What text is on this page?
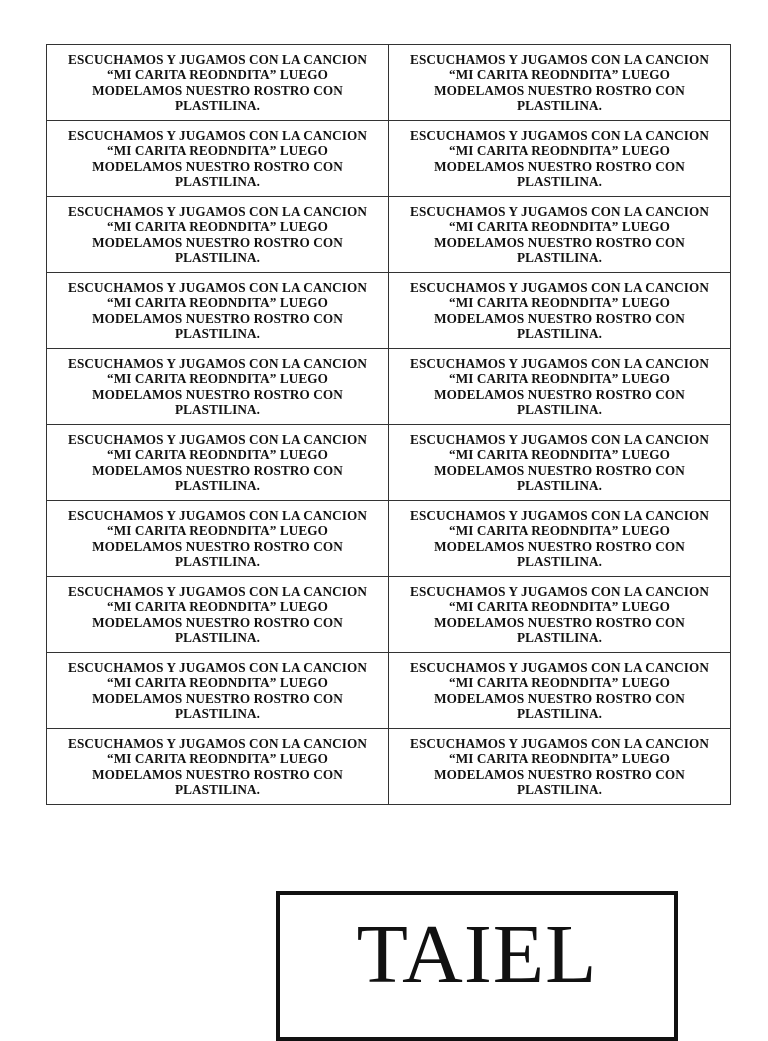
ESCUCHAMOS Y JUGAMOS CON LA CANCION
“MI CARITA REODNDITA” LUEGO
MODELAMOS NUESTRO ROSTRO CON
PLASTILINA.	ESCUCHAMOS Y JUGAMOS CON LA CANCION
“MI CARITA REODNDITA” LUEGO
MODELAMOS NUESTRO ROSTRO CON
PLASTILINA.

ESCUCHAMOS Y JUGAMOS CON LA CANCION
“MI CARITA REODNDITA” LUEGO
MODELAMOS NUESTRO ROSTRO CON
PLASTILINA.	ESCUCHAMOS Y JUGAMOS CON LA CANCION
“MI CARITA REODNDITA” LUEGO
MODELAMOS NUESTRO ROSTRO CON
PLASTILINA.

ESCUCHAMOS Y JUGAMOS CON LA CANCION
“MI CARITA REODNDITA” LUEGO
MODELAMOS NUESTRO ROSTRO CON
PLASTILINA.	ESCUCHAMOS Y JUGAMOS CON LA CANCION
“MI CARITA REODNDITA” LUEGO
MODELAMOS NUESTRO ROSTRO CON
PLASTILINA.

ESCUCHAMOS Y JUGAMOS CON LA CANCION
“MI CARITA REODNDITA” LUEGO
MODELAMOS NUESTRO ROSTRO CON
PLASTILINA.	ESCUCHAMOS Y JUGAMOS CON LA CANCION
“MI CARITA REODNDITA” LUEGO
MODELAMOS NUESTRO ROSTRO CON
PLASTILINA.

ESCUCHAMOS Y JUGAMOS CON LA CANCION
“MI CARITA REODNDITA” LUEGO
MODELAMOS NUESTRO ROSTRO CON
PLASTILINA.	ESCUCHAMOS Y JUGAMOS CON LA CANCION
“MI CARITA REODNDITA” LUEGO
MODELAMOS NUESTRO ROSTRO CON
PLASTILINA.

ESCUCHAMOS Y JUGAMOS CON LA CANCION
“MI CARITA REODNDITA” LUEGO
MODELAMOS NUESTRO ROSTRO CON
PLASTILINA.	ESCUCHAMOS Y JUGAMOS CON LA CANCION
“MI CARITA REODNDITA” LUEGO
MODELAMOS NUESTRO ROSTRO CON
PLASTILINA.

ESCUCHAMOS Y JUGAMOS CON LA CANCION
“MI CARITA REODNDITA” LUEGO
MODELAMOS NUESTRO ROSTRO CON
PLASTILINA.	ESCUCHAMOS Y JUGAMOS CON LA CANCION
“MI CARITA REODNDITA” LUEGO
MODELAMOS NUESTRO ROSTRO CON
PLASTILINA.

ESCUCHAMOS Y JUGAMOS CON LA CANCION
“MI CARITA REODNDITA” LUEGO
MODELAMOS NUESTRO ROSTRO CON
PLASTILINA.	ESCUCHAMOS Y JUGAMOS CON LA CANCION
“MI CARITA REODNDITA” LUEGO
MODELAMOS NUESTRO ROSTRO CON
PLASTILINA.

ESCUCHAMOS Y JUGAMOS CON LA CANCION
“MI CARITA REODNDITA” LUEGO
MODELAMOS NUESTRO ROSTRO CON
PLASTILINA.	ESCUCHAMOS Y JUGAMOS CON LA CANCION
“MI CARITA REODNDITA” LUEGO
MODELAMOS NUESTRO ROSTRO CON
PLASTILINA.

ESCUCHAMOS Y JUGAMOS CON LA CANCION
“MI CARITA REODNDITA” LUEGO
MODELAMOS NUESTRO ROSTRO CON
PLASTILINA.	ESCUCHAMOS Y JUGAMOS CON LA CANCION
“MI CARITA REODNDITA” LUEGO
MODELAMOS NUESTRO ROSTRO CON
PLASTILINA.
TAIEL
